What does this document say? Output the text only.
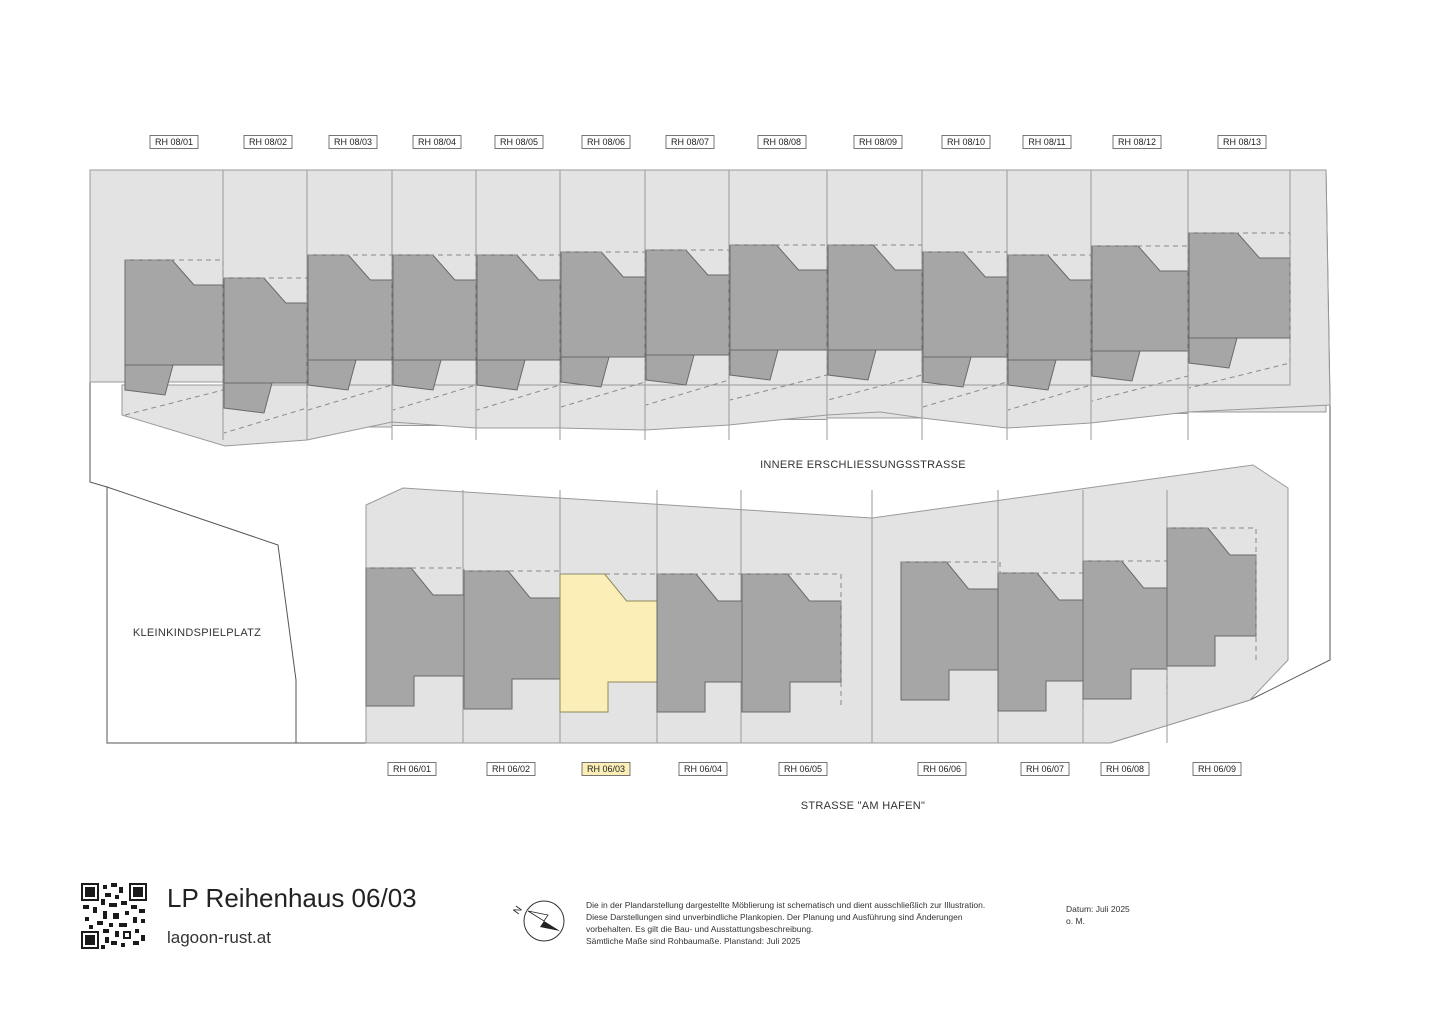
KLEINKINDSPIELPLATZ
INNERE ERSCHLIESSUNGSSTRASSE
STRASSE "AM HAFEN"
RH 08/01	RH 08/02	RH 08/03	RH 08/04	RH 08/05	RH 08/06	RH 08/07	RH 08/08	RH 08/09	RH 08/10	RH 08/11	RH 08/12	RH 08/13
RH 06/01	RH 06/02	RH 06/03	RH 06/04	RH 06/05	RH 06/06	RH 06/07	RH 06/08	RH 06/09
LP Reihenhaus 06/03
lagoon-rust.at
N	Die in der Plandarstellung dargestellte Möblierung ist schematisch und dient ausschließlich zur Illustration.
Diese Darstellungen sind unverbindliche Plankopien. Der Planung und Ausführung sind Änderungen
vorbehalten. Es gilt die Bau- und Ausstattungsbeschreibung.
Sämtliche Maße sind Rohbaumaße. Planstand: Juli 2025
Datum: Juli 2025
o. M.
